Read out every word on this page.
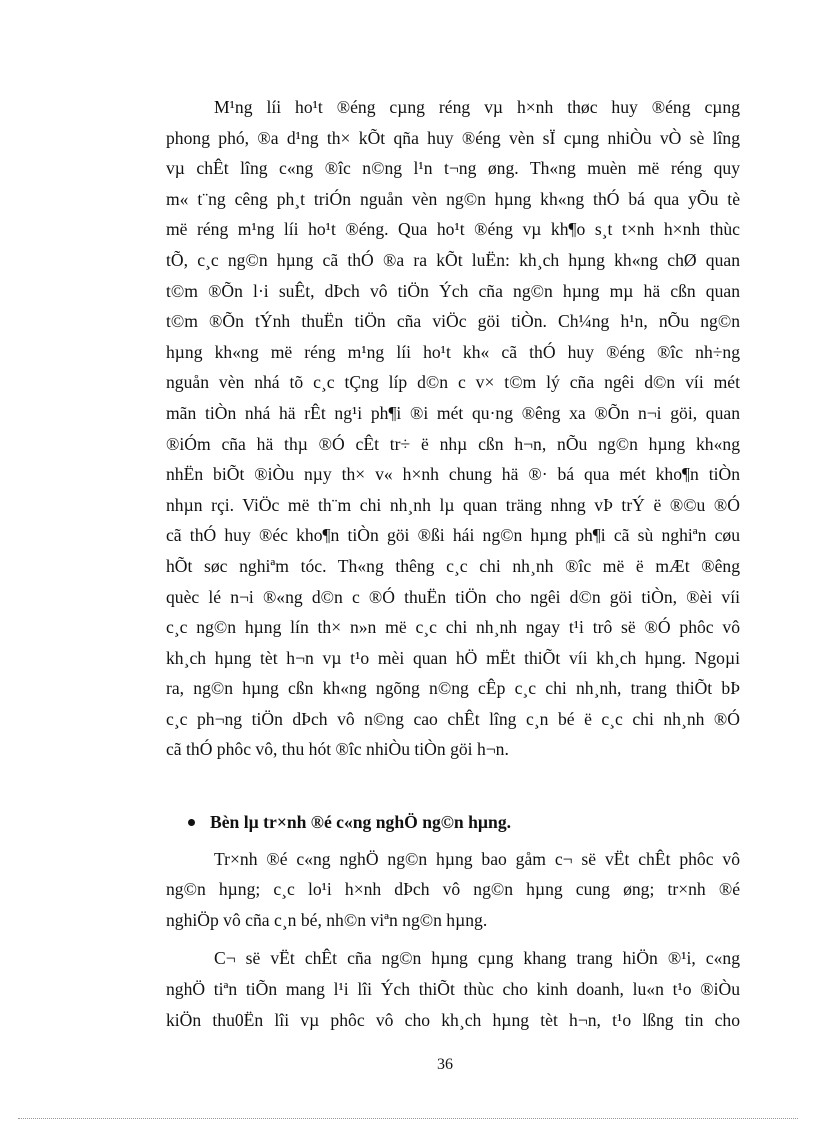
M¹ng líi ho¹t ®éng cµng réng vµ h×nh thøc huy ®éng cµng
phong phó, ®a d¹ng th× kÕt qña huy ®éng vèn sÏ cµng nhiÒu vÒ sè lîng
vµ chÊt lîng c«ng ®îc n©ng l¹n t¬ng øng. Th«ng muèn më réng quy
m« t¨ng cêng ph¸t triÓn nguån vèn ng©n hµng kh«ng thÓ bá qua yÕu tè
më réng m¹ng líi ho¹t ®éng. Qua ho¹t ®éng vµ kh¶o s¸t t×nh h×nh thùc
tÕ, c¸c ng©n hµng cã thÓ ®a ra kÕt luËn: kh¸ch hµng kh«ng chØ quan
t©m ®Õn l·i suÊt, dÞch vô tiÖn Ých cña ng©n hµng mµ hä cßn quan
t©m ®Õn tÝnh thuËn tiÖn cña viÖc göi tiÒn. Ch¼ng h¹n, nÕu ng©n
hµng kh«ng më réng m¹ng líi ho¹t kh« cã thÓ huy ®éng ®îc nh÷ng
nguån vèn nhá tõ c¸c tÇng líp d©n c v× t©m lý cña ngêi d©n víi mét
mãn tiÒn nhá hä rÊt ng¹i ph¶i ®i mét qu·ng ®êng xa ®Õn n¬i göi, quan
®iÓm cña hä thµ ®Ó cÊt tr÷ ë nhµ cßn h¬n, nÕu ng©n hµng kh«ng
nhËn biÕt ®iÒu nµy th× v« h×nh chung hä ®· bá qua mét kho¶n tiÒn
nhµn rçi. ViÖc më th¨m chi nh¸nh lµ quan träng nhng vÞ trÝ ë ®©u ®Ó
cã thÓ huy ®éc kho¶n tiÒn göi ®ßi hái ng©n hµng ph¶i cã sù nghiªn cøu
hÕt søc nghiªm tóc. Th«ng thêng c¸c chi nh¸nh ®îc më ë mÆt ®êng
quèc lé n¬i ®«ng d©n c ®Ó thuËn tiÖn cho ngêi d©n göi tiÒn, ®èi víi
c¸c ng©n hµng lín th× n»n më c¸c chi nh¸nh ngay t¹i trô së ®Ó phôc vô
kh¸ch hµng tèt h¬n vµ t¹o mèi quan hÖ mËt thiÕt víi kh¸ch hµng. Ngoµi
ra, ng©n hµng cßn kh«ng ngõng n©ng cÊp c¸c chi nh¸nh, trang thiÕt bÞ
c¸c ph¬ng tiÖn dÞch vô n©ng cao chÊt lîng c¸n bé ë c¸c chi nh¸nh ®Ó
cã thÓ phôc vô, thu hót ®îc nhiÒu tiÒn göi h¬n.

Bèn lµ tr×nh ®é c«ng nghÖ ng©n hµng.

Tr×nh ®é c«ng nghÖ ng©n hµng bao gåm c¬ së vËt chÊt phôc vô
ng©n hµng; c¸c lo¹i h×nh dÞch vô ng©n hµng cung øng; tr×nh ®é
nghiÖp vô cña c¸n bé, nh©n viªn ng©n hµng.

C¬ së vËt chÊt cña ng©n hµng cµng khang trang hiÖn ®¹i, c«ng
nghÖ tiªn tiÕn mang l¹i lîi Ých thiÕt thùc cho kinh doanh, lu«n t¹o ®iÒu
kiÖn thu0Ën lîi vµ phôc vô cho kh¸ch hµng tèt h¬n, t¹o lßng tin cho

36
